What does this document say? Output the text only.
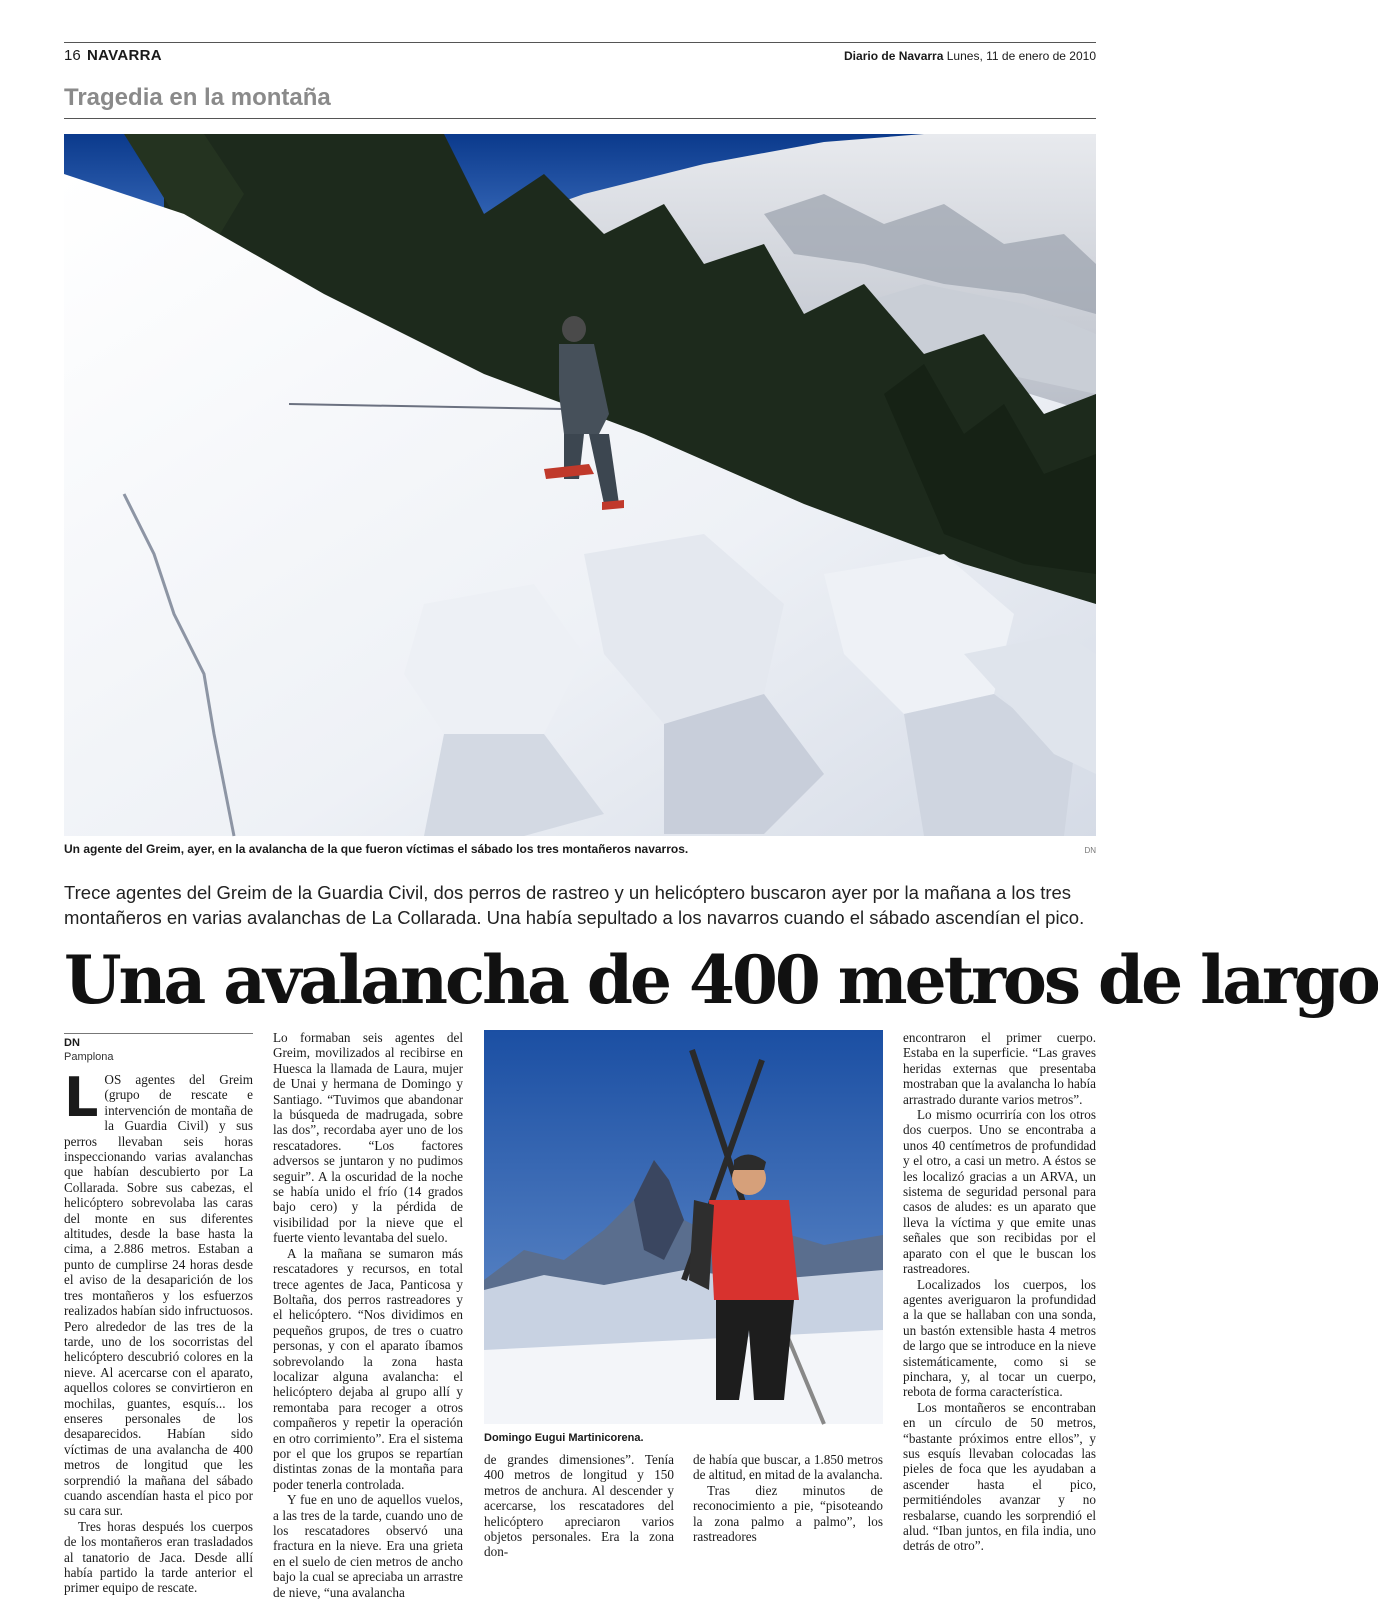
16 NAVARRA	Diario de Navarra Lunes, 11 de enero de 2010
Tragedia en la montaña
Un agente del Greim, ayer, en la avalancha de la que fueron víctimas el sábado los tres montañeros navarros.	DN
Trece agentes del Greim de la Guardia Civil, dos perros de rastreo y un helicóptero buscaron ayer por la mañana a los tres
montañeros en varias avalanchas de La Collarada. Una había sepultado a los navarros cuando el sábado ascendían el pico.
Una avalancha de 400 metros de largo
DN
Pamplona

LOS agentes del Greim (grupo de rescate e intervención de montaña de la Guardia Civil) y sus perros llevaban seis horas inspeccionando varias avalanchas que habían descubierto por La Collarada. Sobre sus cabezas, el helicóptero sobrevolaba las caras del monte en sus diferentes altitudes, desde la base hasta la cima, a 2.886 metros. Estaban a punto de cumplirse 24 horas desde el aviso de la desaparición de los tres montañeros y los esfuerzos realizados habían sido infructuosos. Pero alrededor de las tres de la tarde, uno de los socorristas del helicóptero descubrió colores en la nieve. Al acercarse con el aparato, aquellos colores se convirtieron en mochilas, guantes, esquís... los enseres personales de los desaparecidos. Habían sido víctimas de una avalancha de 400 metros de longitud que les sorprendió la mañana del sábado cuando ascendían hasta el pico por su cara sur.

Tres horas después los cuerpos de los montañeros eran trasladados al tanatorio de Jaca. Desde allí había partido la tarde anterior el primer equipo de rescate.

Lo formaban seis agentes del Greim, movilizados al recibirse en Huesca la llamada de Laura, mujer de Unai y hermana de Domingo y Santiago. “Tuvimos que abandonar la búsqueda de madrugada, sobre las dos”, recordaba ayer uno de los rescatadores. “Los factores adversos se juntaron y no pudimos seguir”. A la oscuridad de la noche se había unido el frío (14 grados bajo cero) y la pérdida de visibilidad por la nieve que el fuerte viento levantaba del suelo.

A la mañana se sumaron más rescatadores y recursos, en total trece agentes de Jaca, Panticosa y Boltaña, dos perros rastreadores y el helicóptero. “Nos dividimos en pequeños grupos, de tres o cuatro personas, y con el aparato íbamos sobrevolando la zona hasta localizar alguna avalancha: el helicóptero dejaba al grupo allí y remontaba para recoger a otros compañeros y repetir la operación en otro corrimiento”. Era el sistema por el que los grupos se repartían distintas zonas de la montaña para poder tenerla controlada.

Y fue en uno de aquellos vuelos, a las tres de la tarde, cuando uno de los rescatadores observó una fractura en la nieve. Era una grieta en el suelo de cien metros de ancho bajo la cual se apreciaba un arrastre de nieve, “una avalancha

Domingo Eugui Martinicorena.

de grandes dimensiones”. Tenía 400 metros de longitud y 150 metros de anchura. Al descender y acercarse, los rescatadores del helicóptero apreciaron varios objetos personales. Era la zona don-

de había que buscar, a 1.850 metros de altitud, en mitad de la avalancha.

Tras diez minutos de reconocimiento a pie, “pisoteando la zona palmo a palmo”, los rastreadores

encontraron el primer cuerpo. Estaba en la superficie. “Las graves heridas externas que presentaba mostraban que la avalancha lo había arrastrado durante varios metros”.

Lo mismo ocurriría con los otros dos cuerpos. Uno se encontraba a unos 40 centímetros de profundidad y el otro, a casi un metro. A éstos se les localizó gracias a un ARVA, un sistema de seguridad personal para casos de aludes: es un aparato que lleva la víctima y que emite unas señales que son recibidas por el aparato con el que le buscan los rastreadores.

Localizados los cuerpos, los agentes averiguaron la profundidad a la que se hallaban con una sonda, un bastón extensible hasta 4 metros de largo que se introduce en la nieve sistemáticamente, como si se pinchara, y, al tocar un cuerpo, rebota de forma característica.

Los montañeros se encontraban en un círculo de 50 metros, “bastante próximos entre ellos”, y sus esquís llevaban colocadas las pieles de foca que les ayudaban a ascender hasta el pico, permitiéndoles avanzar y no resbalarse, cuando les sorprendió el alud. “Iban juntos, en fila india, uno detrás de otro”.
